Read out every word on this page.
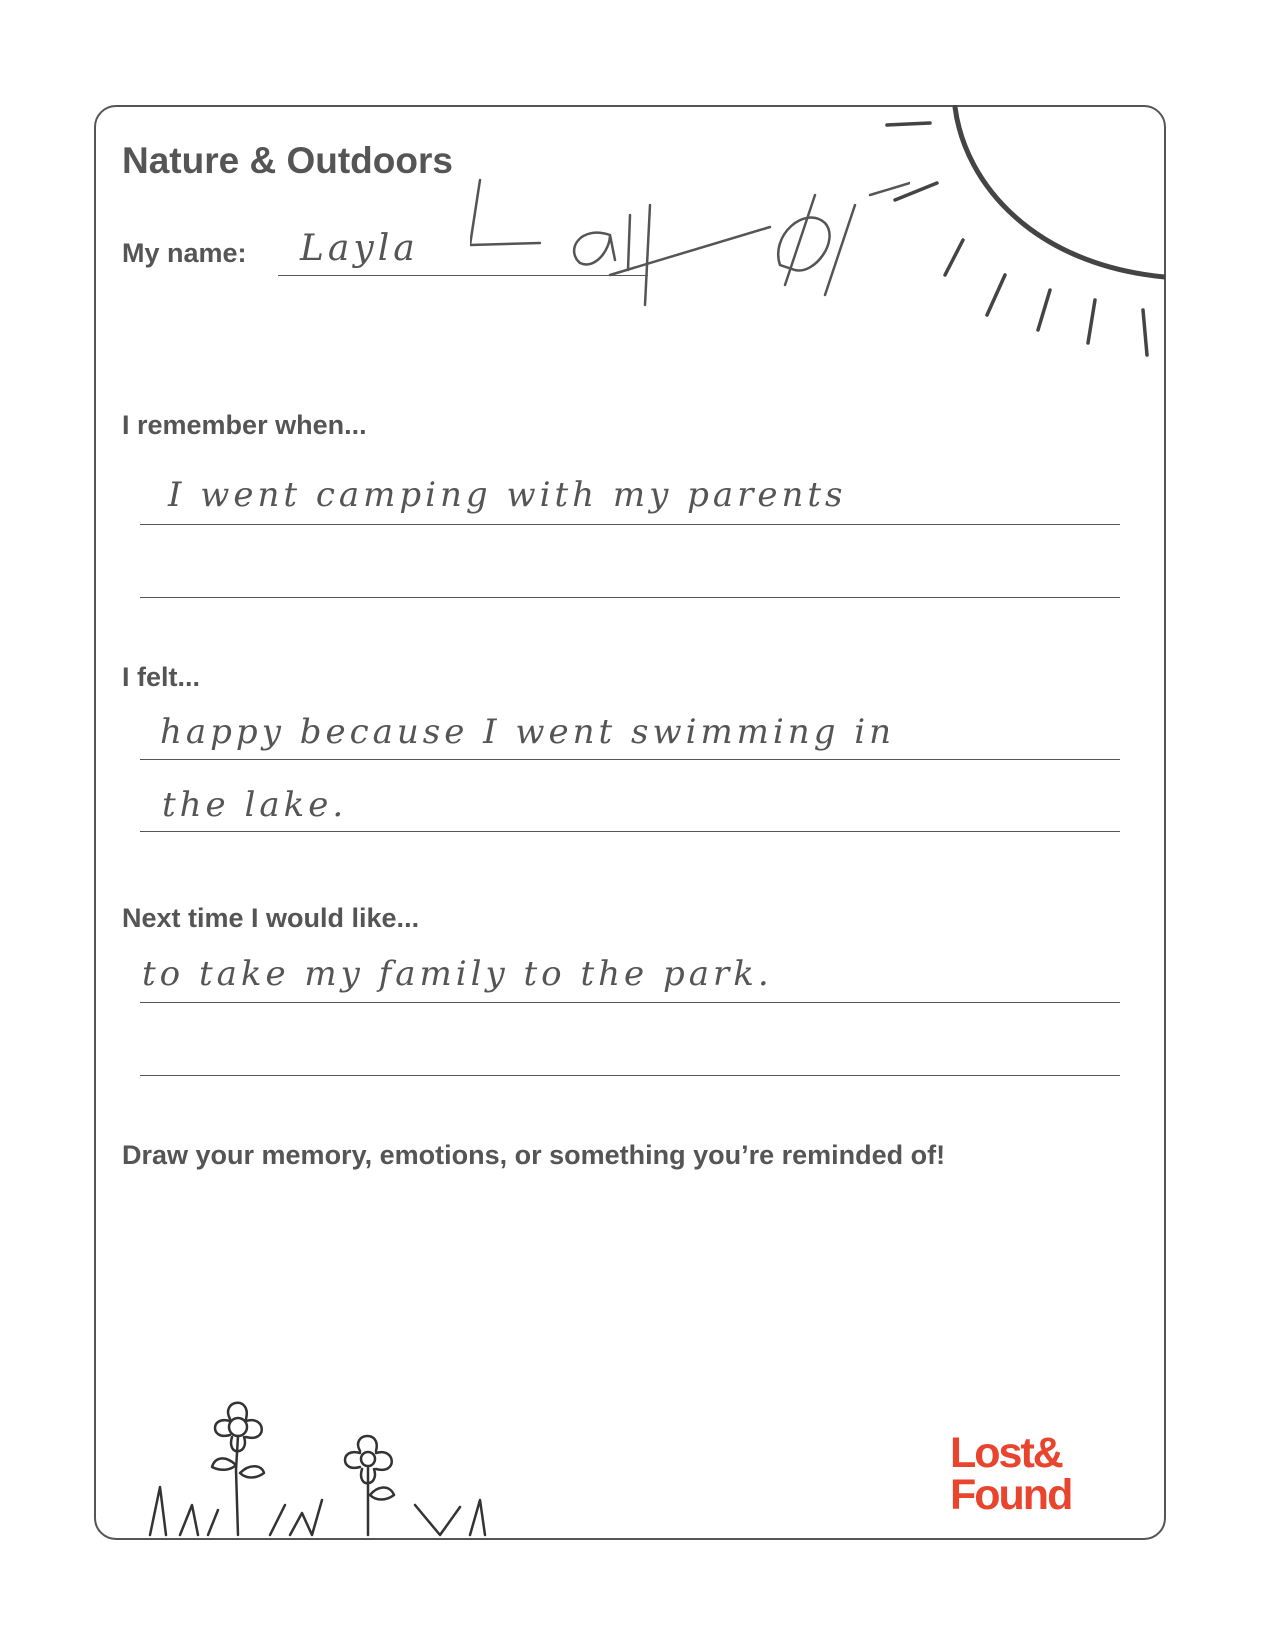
Nature & Outdoors

My name: Layla

I remember when...

I went camping with my parents

I felt...

happy because I went swimming in

the lake.

Next time I would like...

to take my family to the park.

Draw your memory, emotions, or something you’re reminded of!

Lost&
Found
